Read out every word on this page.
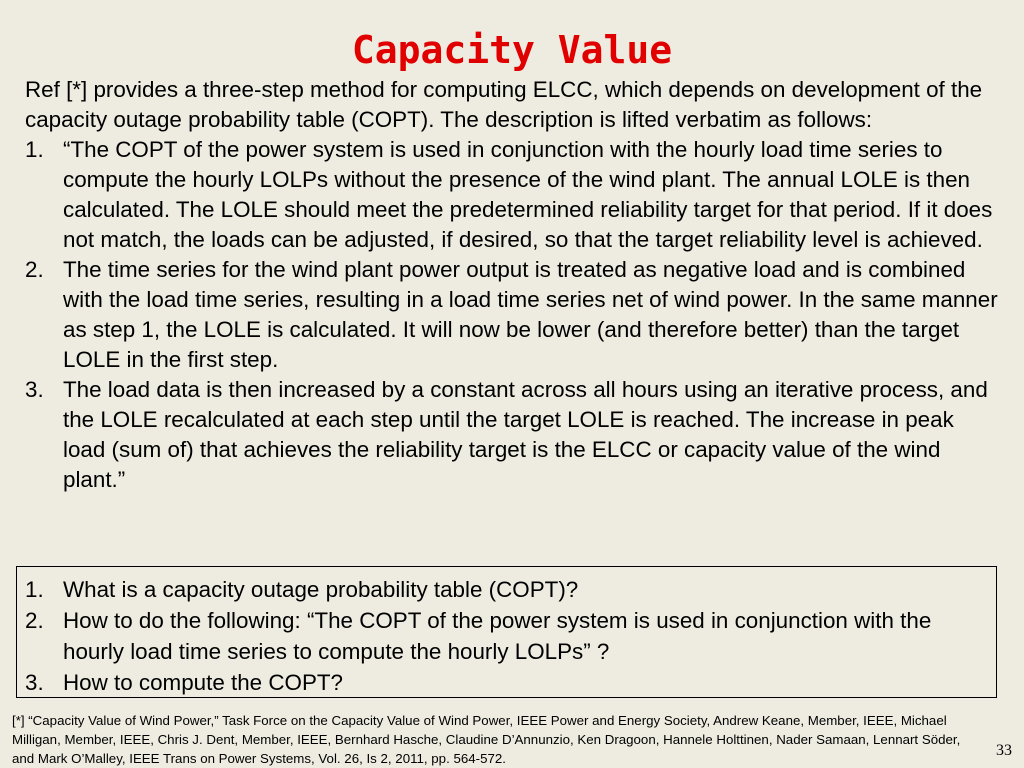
Capacity Value

Ref [*] provides a three-step method for computing ELCC, which depends on development of the capacity outage probability table (COPT). The description is lifted verbatim as follows:

1. “The COPT of the power system is used in conjunction with the hourly load time series to compute the hourly LOLPs without the presence of the wind plant. The annual LOLE is then calculated. The LOLE should meet the predetermined reliability target for that period. If it does not match, the loads can be adjusted, if desired, so that the target reliability level is achieved.
2. The time series for the wind plant power output is treated as negative load and is combined with the load time series, resulting in a load time series net of wind power. In the same manner as step 1, the LOLE is calculated. It will now be lower (and therefore better) than the target LOLE in the first step.
3. The load data is then increased by a constant across all hours using an iterative process, and the LOLE recalculated at each step until the target LOLE is reached. The increase in peak load (sum of) that achieves the reliability target is the ELCC or capacity value of the wind plant.”
1. What is a capacity outage probability table (COPT)?
2. How to do the following: “The COPT of the power system is used in conjunction with the hourly load time series to compute the hourly LOLPs” ?
3. How to compute the COPT?
[*] “Capacity Value of Wind Power,” Task Force on the Capacity Value of Wind Power, IEEE Power and Energy Society, Andrew Keane, Member, IEEE, Michael Milligan, Member, IEEE, Chris J. Dent, Member, IEEE, Bernhard Hasche, Claudine D’Annunzio, Ken Dragoon, Hannele Holttinen, Nader Samaan, Lennart Söder, and Mark O’Malley, IEEE Trans on Power Systems, Vol. 26, Is 2, 2011, pp. 564-572.	33
